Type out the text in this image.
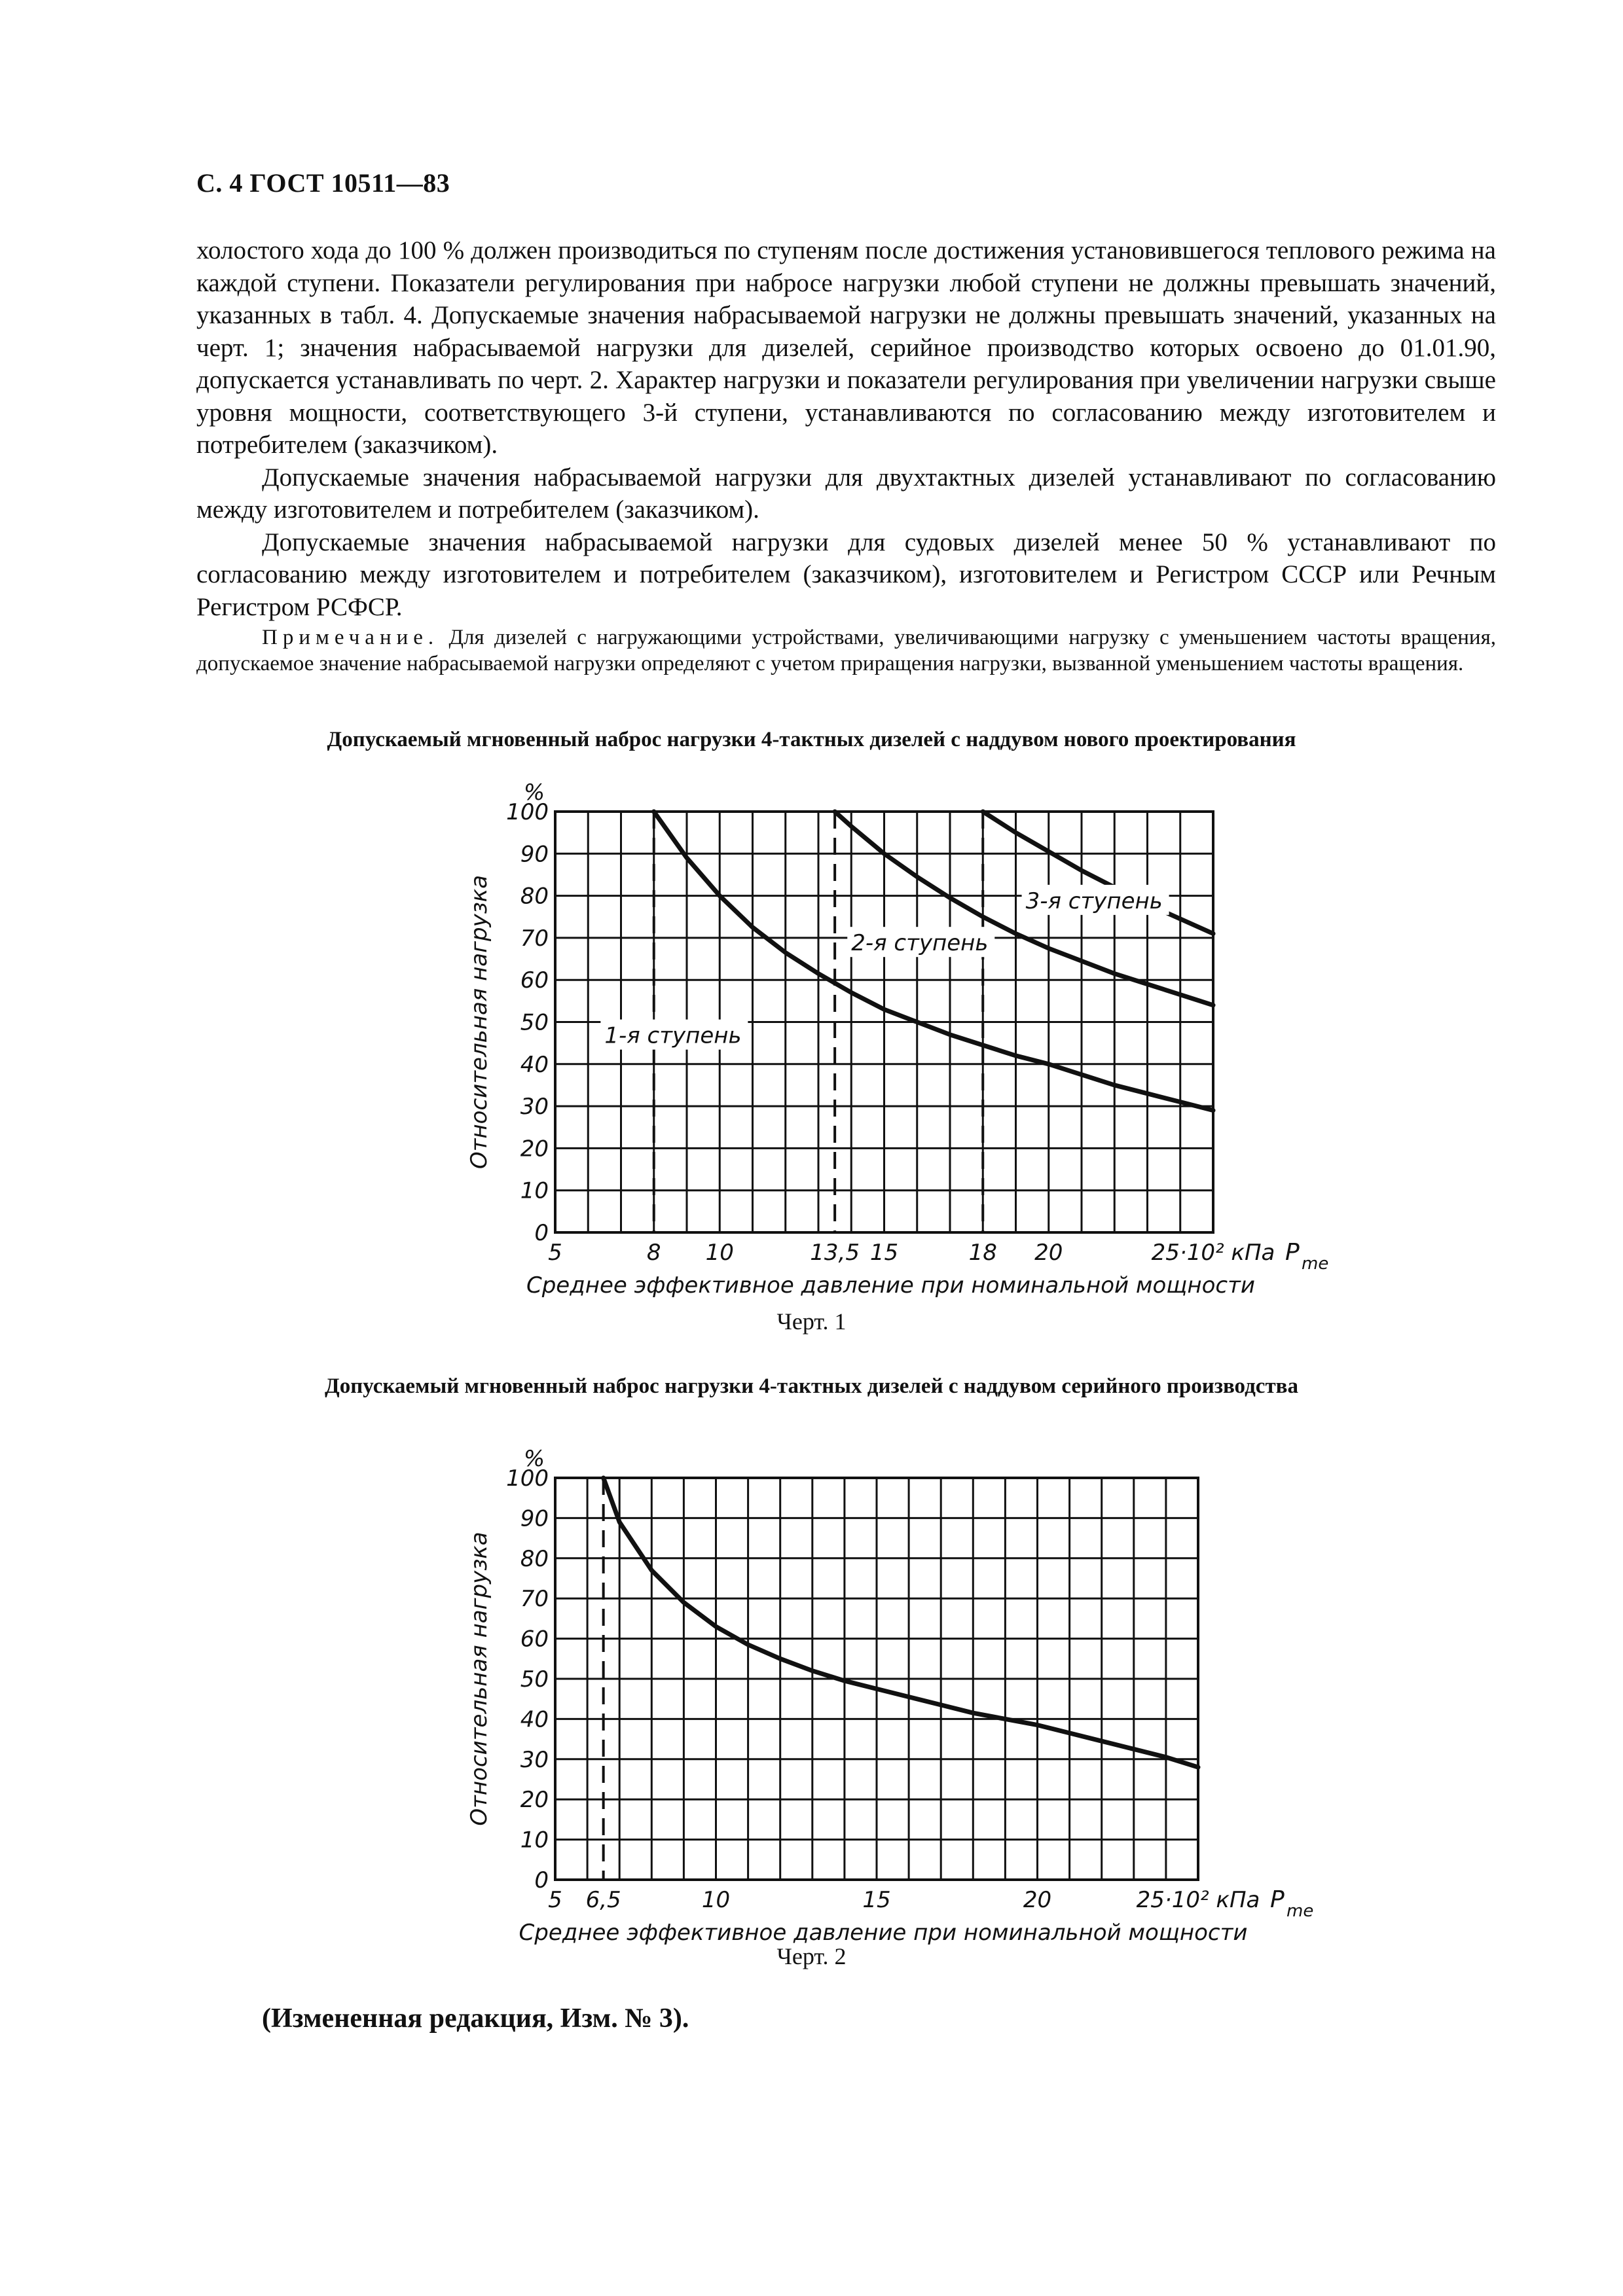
С. 4 ГОСТ 10511—83

холостого хода до 100 % должен производиться по ступеням после достижения установившегося теплового режима на каждой ступени. Показатели регулирования при набросе нагрузки любой ступени не должны превышать значений, указанных в табл. 4. Допускаемые значения набрасываемой нагрузки не должны превышать значений, указанных на черт. 1; значения набрасываемой нагрузки для дизелей, серийное производство которых освоено до 01.01.90, допускается устанавливать по черт. 2. Характер нагрузки и показатели регулирования при увеличении нагрузки свыше уровня мощности, соответствующего 3-й ступени, устанавливаются по согласованию между изготовителем и потребителем (заказчиком).

Допускаемые значения набрасываемой нагрузки для двухтактных дизелей устанавливают по согласованию между изготовителем и потребителем (заказчиком).

Допускаемые значения набрасываемой нагрузки для судовых дизелей менее 50 % устанавливают по согласованию между изготовителем и потребителем (заказчиком), изготовителем и Регистром СССР или Речным Регистром РСФСР.

Примечание. Для дизелей с нагружающими устройствами, увеличивающими нагрузку с уменьшением частоты вращения, допускаемое значение набрасываемой нагрузки определяют с учетом приращения нагрузки, вызванной уменьшением частоты вращения.
Допускаемый мгновенный наброс нагрузки 4-тактных дизелей с наддувом нового проектирования
0
10
20
30
40
50
60
70
80
90
100
%
5	8 10	13,5 15	18 20	25·10² кПа P me
Среднее эффективное давление при номинальной мощности
Относительная нагрузка	1-я ступень
2-я ступень
3-я ступень
Черт. 1
Допускаемый мгновенный наброс нагрузки 4-тактных дизелей с наддувом серийного производства
0
10
20
30
40
50
60
70
80
90
100
%
5 6,5	10	15	20	25·10² кПа P me
Среднее эффективное давление при номинальной мощности
Относительная нагрузка
Черт. 2
(Измененная редакция, Изм. № 3).
